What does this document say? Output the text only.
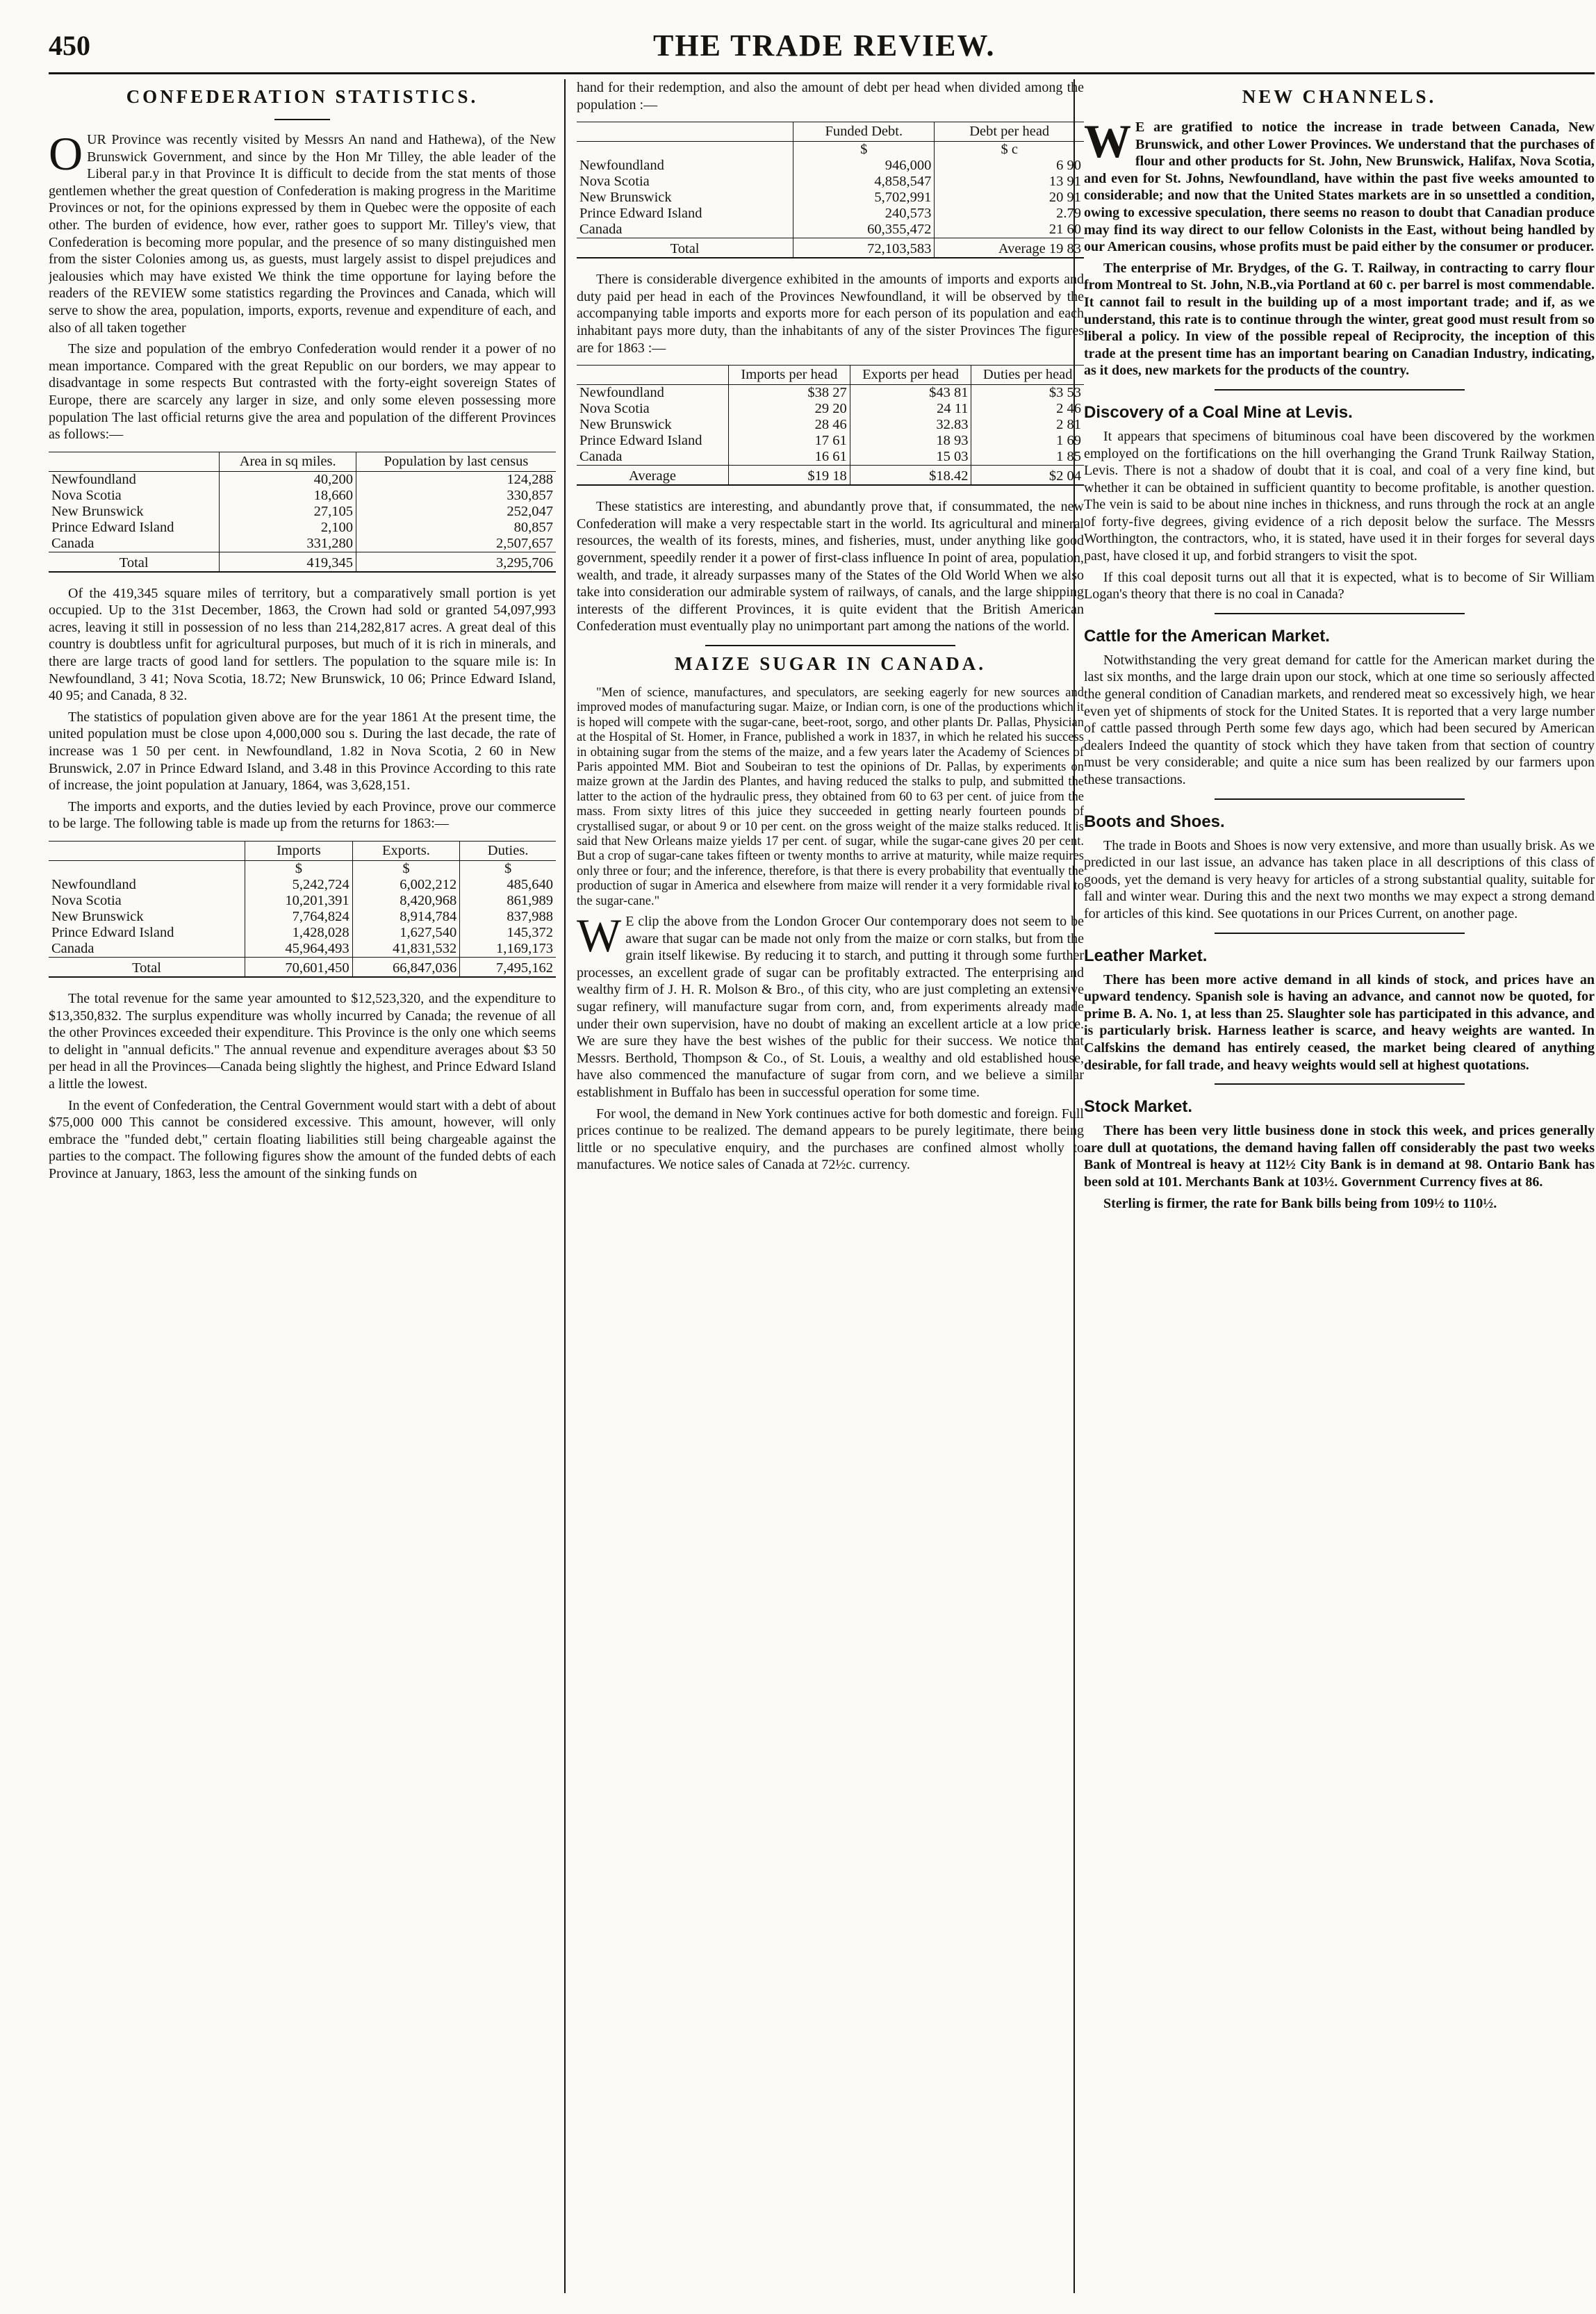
450	THE TRADE REVIEW.
CONFEDERATION STATISTICS.

OUR Province was recently visited by Messrs An nand and Hathewa), of the New Brunswick Government, and since by the Hon Mr Tilley, the able leader of the Liberal par.y in that Province It is difficult to decide from the stat ments of those gentlemen whether the great question of Confederation is making progress in the Maritime Provinces or not, for the opinions expressed by them in Quebec were the opposite of each other. The burden of evidence, how ever, rather goes to support Mr. Tilley's view, that Confederation is becoming more popular, and the presence of so many distinguished men from the sister Colonies among us, as guests, must largely assist to dispel prejudices and jealousies which may have existed We think the time opportune for laying before the readers of the REVIEW some statistics regarding the Provinces and Canada, which will serve to show the area, population, imports, exports, revenue and expenditure of each, and also of all taken together

The size and population of the embryo Confederation would render it a power of no mean importance. Compared with the great Republic on our borders, we may appear to disadvantage in some respects But contrasted with the forty-eight sovereign States of Europe, there are scarcely any larger in size, and only some eleven possessing more population The last official returns give the area and population of the different Provinces as follows:—

	Area in sq miles.	Population by last census
Newfoundland	40,200	124,288
Nova Scotia	18,660	330,857
New Brunswick	27,105	252,047
Prince Edward Island	2,100	80,857
Canada	331,280	2,507,657
Total	419,345	3,295,706

Of the 419,345 square miles of territory, but a comparatively small portion is yet occupied. Up to the 31st December, 1863, the Crown had sold or granted 54,097,993 acres, leaving it still in possession of no less than 214,282,817 acres. A great deal of this country is doubtless unfit for agricultural purposes, but much of it is rich in minerals, and there are large tracts of good land for settlers. The population to the square mile is: In Newfoundland, 3 41; Nova Scotia, 18.72; New Brunswick, 10 06; Prince Edward Island, 40 95; and Canada, 8 32.

The statistics of population given above are for the year 1861 At the present time, the united population must be close upon 4,000,000 sou s. During the last decade, the rate of increase was 1 50 per cent. in Newfoundland, 1.82 in Nova Scotia, 2 60 in New Brunswick, 2.07 in Prince Edward Island, and 3.48 in this Province According to this rate of increase, the joint population at January, 1864, was 3,628,151.

The imports and exports, and the duties levied by each Province, prove our commerce to be large. The following table is made up from the returns for 1863:—

	Imports	Exports.	Duties.
	$	$	$
Newfoundland	5,242,724	6,002,212	485,640
Nova Scotia	10,201,391	8,420,968	861,989
New Brunswick	7,764,824	8,914,784	837,988
Prince Edward Island	1,428,028	1,627,540	145,372
Canada	45,964,493	41,831,532	1,169,173
Total	70,601,450	66,847,036	7,495,162

The total revenue for the same year amounted to $12,523,320, and the expenditure to $13,350,832. The surplus expenditure was wholly incurred by Canada; the revenue of all the other Provinces exceeded their expenditure. This Province is the only one which seems to delight in "annual deficits." The annual revenue and expenditure averages about $3 50 per head in all the Provinces—Canada being slightly the highest, and Prince Edward Island a little the lowest.

In the event of Confederation, the Central Government would start with a debt of about $75,000 000 This cannot be considered excessive. This amount, however, will only embrace the "funded debt," certain floating liabilities still being chargeable against the parties to the compact. The following figures show the amount of the funded debts of each Province at January, 1863, less the amount of the sinking funds on

hand for their redemption, and also the amount of debt per head when divided among the population :—

	Funded Debt.	Debt per head
	$	$ c
Newfoundland	946,000	6 90
Nova Scotia	4,858,547	13 91
New Brunswick	5,702,991	20 91
Prince Edward Island	240,573	2.79
Canada	60,355,472	21 60
Total	72,103,583	Average 19 83

There is considerable divergence exhibited in the amounts of imports and exports and duty paid per head in each of the Provinces Newfoundland, it will be observed by the accompanying table imports and exports more for each person of its population and each inhabitant pays more duty, than the inhabitants of any of the sister Provinces The figures are for 1863 :—

	Imports per head	Exports per head	Duties per head
Newfoundland	$38 27	$43 81	$3 53
Nova Scotia	29 20	24 11	2 46
New Brunswick	28 46	32.83	2 81
Prince Edward Island	17 61	18 93	1 69
Canada	16 61	15 03	1 85
Average	$19 18	$18.42	$2 04

These statistics are interesting, and abundantly prove that, if consummated, the new Confederation will make a very respectable start in the world. Its agricultural and mineral resources, the wealth of its forests, mines, and fisheries, must, under anything like good government, speedily render it a power of first-class influence In point of area, population, wealth, and trade, it already surpasses many of the States of the Old World When we also take into consideration our admirable system of railways, of canals, and the large shipping interests of the different Provinces, it is quite evident that the British American Confederation must eventually play no unimportant part among the nations of the world.

MAIZE SUGAR IN CANADA.

"Men of science, manufactures, and speculators, are seeking eagerly for new sources and improved modes of manufacturing sugar. Maize, or Indian corn, is one of the productions which it is hoped will compete with the sugar-cane, beet-root, sorgo, and other plants Dr. Pallas, Physician at the Hospital of St. Homer, in France, published a work in 1837, in which he related his success in obtaining sugar from the stems of the maize, and a few years later the Academy of Sciences of Paris appointed MM. Biot and Soubeiran to test the opinions of Dr. Pallas, by experiments on maize grown at the Jardin des Plantes, and having reduced the stalks to pulp, and submitted the latter to the action of the hydraulic press, they obtained from 60 to 63 per cent. of juice from the mass. From sixty litres of this juice they succeeded in getting nearly fourteen pounds of crystallised sugar, or about 9 or 10 per cent. on the gross weight of the maize stalks reduced. It is said that New Orleans maize yields 17 per cent. of sugar, while the sugar-cane gives 20 per cent. But a crop of sugar-cane takes fifteen or twenty months to arrive at maturity, while maize requires only three or four; and the inference, therefore, is that there is every probability that eventually the production of sugar in America and elsewhere from maize will render it a very formidable rival to the sugar-cane."

W E clip the above from the London Grocer Our contemporary does not seem to be aware that sugar can be made not only from the maize or corn stalks, but from the grain itself likewise. By reducing it to starch, and putting it through some further processes, an excellent grade of sugar can be profitably extracted. The enterprising and wealthy firm of J. H. R. Molson & Bro., of this city, who are just completing an extensive sugar refinery, will manufacture sugar from corn, and, from experiments already made under their own supervision, have no doubt of making an excellent article at a low price. We are sure they have the best wishes of the public for their success. We notice that Messrs. Berthold, Thompson & Co., of St. Louis, a wealthy and old established house, have also commenced the manufacture of sugar from corn, and we believe a similar establishment in Buffalo has been in successful operation for some time.

For wool, the demand in New York continues active for both domestic and foreign. Full prices continue to be realized. The demand appears to be purely legitimate, there being little or no speculative enquiry, and the purchases are confined almost wholly to manufactures. We notice sales of Canada at 72½c. currency.

NEW CHANNELS.

W E are gratified to notice the increase in trade between Canada, New Brunswick, and other Lower Provinces. We understand that the purchases of flour and other products for St. John, New Brunswick, Halifax, Nova Scotia, and even for St. Johns, Newfoundland, have within the past five weeks amounted to considerable; and now that the United States markets are in so unsettled a condition, owing to excessive speculation, there seems no reason to doubt that Canadian produce may find its way direct to our fellow Colonists in the East, without being handled by our American cousins, whose profits must be paid either by the consumer or producer.

The enterprise of Mr. Brydges, of the G. T. Railway, in contracting to carry flour from Montreal to St. John, N.B.,via Portland at 60 c. per barrel is most commendable. It cannot fail to result in the building up of a most important trade; and if, as we understand, this rate is to continue through the winter, great good must result from so liberal a policy. In view of the possible repeal of Reciprocity, the inception of this trade at the present time has an important bearing on Canadian Industry, indicating, as it does, new markets for the products of the country.

Discovery of a Coal Mine at Levis.

It appears that specimens of bituminous coal have been discovered by the workmen employed on the fortifications on the hill overhanging the Grand Trunk Railway Station, Levis. There is not a shadow of doubt that it is coal, and coal of a very fine kind, but whether it can be obtained in sufficient quantity to become profitable, is another question. The vein is said to be about nine inches in thickness, and runs through the rock at an angle of forty-five degrees, giving evidence of a rich deposit below the surface. The Messrs Worthington, the contractors, who, it is stated, have used it in their forges for several days past, have closed it up, and forbid strangers to visit the spot.

If this coal deposit turns out all that it is expected, what is to become of Sir William Logan's theory that there is no coal in Canada?

Cattle for the American Market.

Notwithstanding the very great demand for cattle for the American market during the last six months, and the large drain upon our stock, which at one time so seriously affected the general condition of Canadian markets, and rendered meat so excessively high, we hear even yet of shipments of stock for the United States. It is reported that a very large number of cattle passed through Perth some few days ago, which had been secured by American dealers Indeed the quantity of stock which they have taken from that section of country must be very considerable; and quite a nice sum has been realized by our farmers upon these transactions.

Boots and Shoes.

The trade in Boots and Shoes is now very extensive, and more than usually brisk. As we predicted in our last issue, an advance has taken place in all descriptions of this class of goods, yet the demand is very heavy for articles of a strong substantial quality, suitable for fall and winter wear. During this and the next two months we may expect a strong demand for articles of this kind. See quotations in our Prices Current, on another page.

Leather Market.

There has been more active demand in all kinds of stock, and prices have an upward tendency. Spanish sole is having an advance, and cannot now be quoted, for prime B. A. No. 1, at less than 25. Slaughter sole has participated in this advance, and is particularly brisk. Harness leather is scarce, and heavy weights are wanted. In Calfskins the demand has entirely ceased, the market being cleared of anything desirable, for fall trade, and heavy weights would sell at highest quotations.

Stock Market.

There has been very little business done in stock this week, and prices generally are dull at quotations, the demand having fallen off considerably the past two weeks Bank of Montreal is heavy at 112½ City Bank is in demand at 98. Ontario Bank has been sold at 101. Merchants Bank at 103½. Government Currency fives at 86.

Sterling is firmer, the rate for Bank bills being from 109½ to 110½.
